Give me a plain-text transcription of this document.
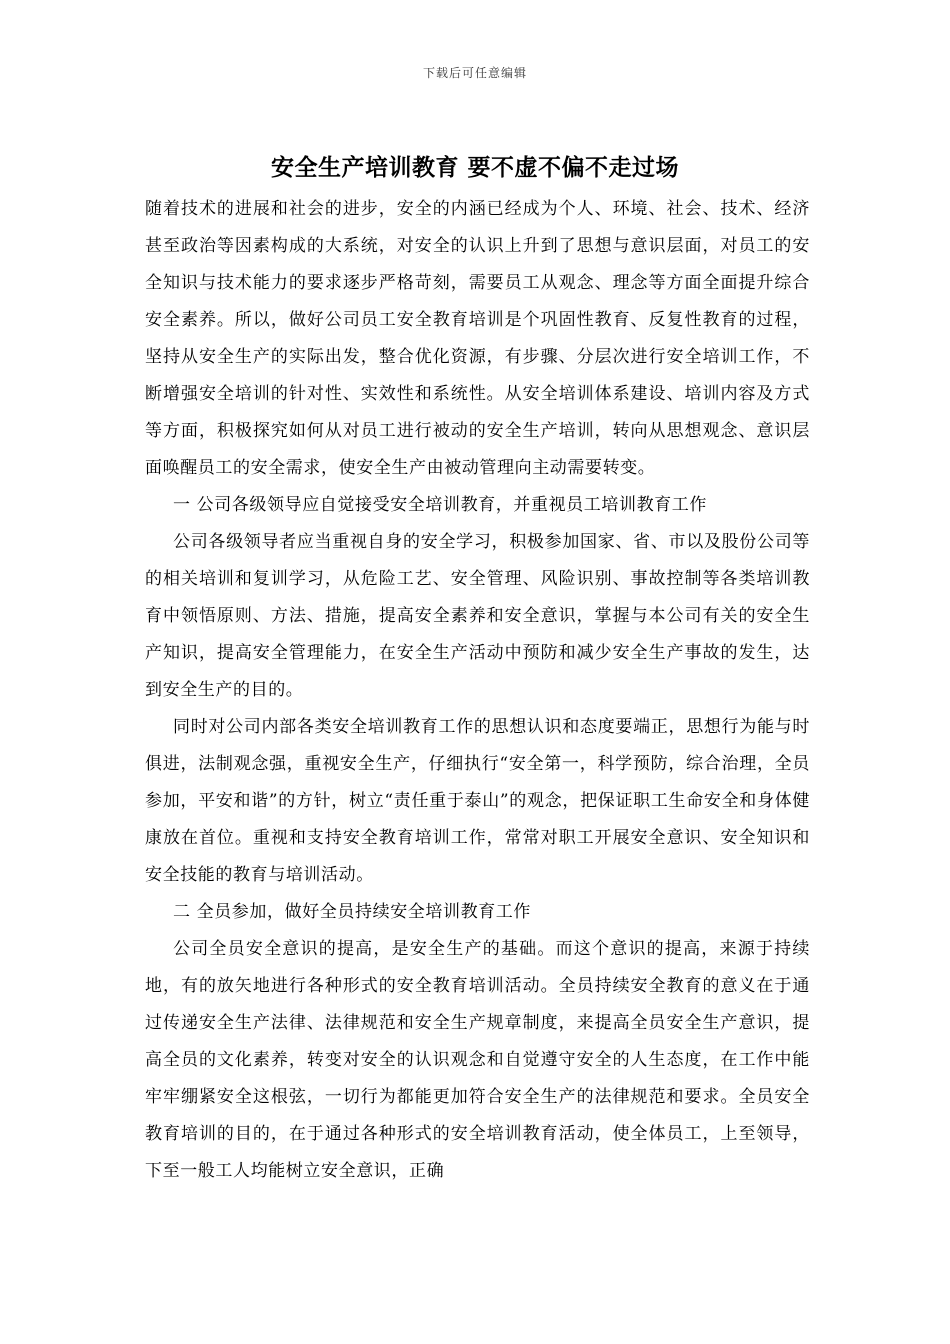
下载后可任意编辑
安全生产培训教育 要不虚不偏不走过场

随着技术的进展和社会的进步，安全的内涵已经成为个人、环境、社会、技术、经济甚至政治等因素构成的大系统，对安全的认识上升到了思想与意识层面，对员工的安全知识与技术能力的要求逐步严格苛刻，需要员工从观念、理念等方面全面提升综合安全素养。所以，做好公司员工安全教育培训是个巩固性教育、反复性教育的过程，坚持从安全生产的实际出发，整合优化资源，有步骤、分层次进行安全培训工作，不断增强安全培训的针对性、实效性和系统性。从安全培训体系建设、培训内容及方式等方面，积极探究如何从对员工进行被动的安全生产培训，转向从思想观念、意识层面唤醒员工的安全需求，使安全生产由被动管理向主动需要转变。

一 公司各级领导应自觉接受安全培训教育，并重视员工培训教育工作

公司各级领导者应当重视自身的安全学习，积极参加国家、省、市以及股份公司等的相关培训和复训学习，从危险工艺、安全管理、风险识别、事故控制等各类培训教育中领悟原则、方法、措施，提高安全素养和安全意识，掌握与本公司有关的安全生产知识，提高安全管理能力，在安全生产活动中预防和减少安全生产事故的发生，达到安全生产的目的。

同时对公司内部各类安全培训教育工作的思想认识和态度要端正，思想行为能与时俱进，法制观念强，重视安全生产，仔细执行“安全第一，科学预防，综合治理，全员参加，平安和谐”的方针，树立“责任重于泰山”的观念，把保证职工生命安全和身体健康放在首位。重视和支持安全教育培训工作，常常对职工开展安全意识、安全知识和安全技能的教育与培训活动。

二 全员参加，做好全员持续安全培训教育工作

公司全员安全意识的提高，是安全生产的基础。而这个意识的提高，来源于持续地，有的放矢地进行各种形式的安全教育培训活动。全员持续安全教育的意义在于通过传递安全生产法律、法律规范和安全生产规章制度，来提高全员安全生产意识，提高全员的文化素养，转变对安全的认识观念和自觉遵守安全的人生态度，在工作中能牢牢绷紧安全这根弦，一切行为都能更加符合安全生产的法律规范和要求。全员安全教育培训的目的，在于通过各种形式的安全培训教育活动，使全体员工，上至领导，下至一般工人均能树立安全意识，正确
